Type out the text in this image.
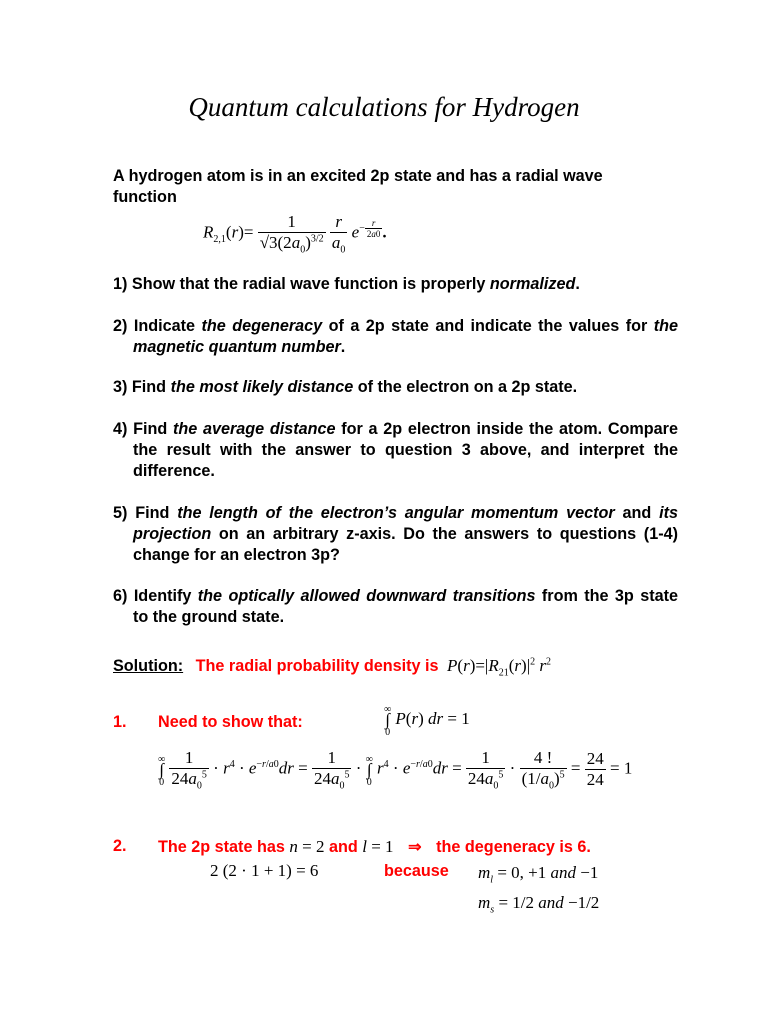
Quantum calculations for Hydrogen
A hydrogen atom is in an excited 2p state and has a radial wave function
$R_{2,1}(r)= \frac{1}{√3(2a_0)^{3/2}}$
$\frac{r}{a_0} e^{- \frac{r}{2a0}}$ .
1) Show that the radial wave function is properly normalized.
2) Indicate the degeneracy of a 2p state and indicate the values for the magnetic quantum number.
3) Find the most likely distance of the electron on a 2p state.
4) Find the average distance for a 2p electron inside the atom. Compare the result with the answer to question 3 above, and interpret the difference.
5) Find the length of the electron’s angular momentum vector and its projection on an arbitrary z-axis. Do the answers to questions (1-4) change for an electron 3p?
6) Identify the optically allowed downward transitions from the 3p state to the ground state.
Solution: The radial probability density is $P(r)=|R_{21}(r)|^2$ $r^2$
1. Need to show that:
∞
∫
0 P(r) dr = 1
∞
∫
$0 \frac{1}{24a_0^5} \cdot r^4 \cdot e^{-r/a0}dr = \frac{1}{24a_0^5}$ · ∞
∫
0 $r^4 \cdot e^{-r/a0}dr = \frac{1}{24a_0^5} \cdot \frac{4 !}{(1/a_0)^5} = \frac{24}{24} = 1$
2. The 2p state has n = 2 and l = 1 ⇒ the degeneracy is 6.
2 (2 · 1 + 1) = 6	because $m_l = 0$, +1 and −1
$m_s = 1/2$ and −1/2
